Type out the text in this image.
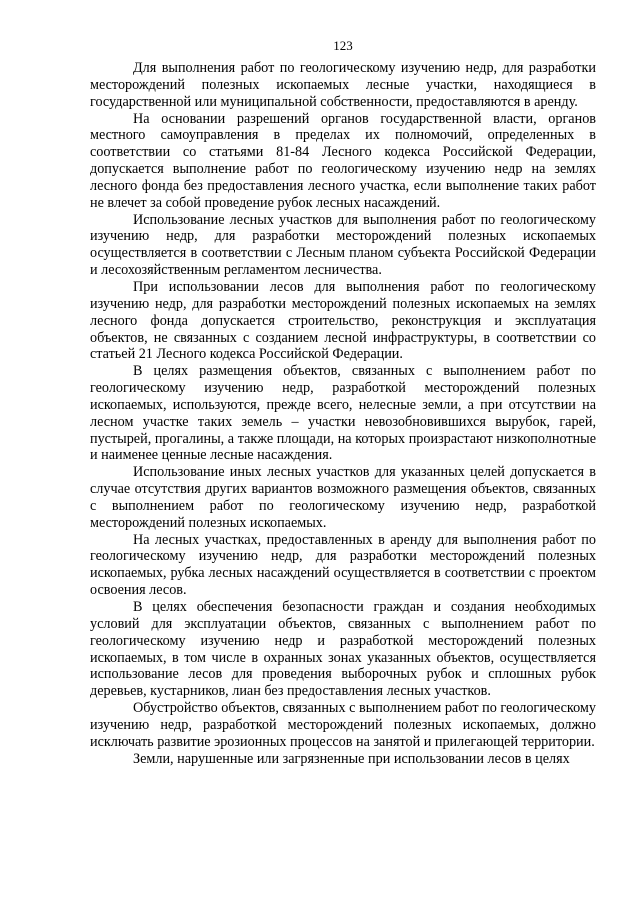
123

Для выполнения работ по геологическому изучению недр, для разработки месторождений полезных ископаемых лесные участки, находящиеся в государственной или муниципальной собственности, предоставляются в аренду.

На основании разрешений органов государственной власти, органов местного самоуправления в пределах их полномочий, определенных в соответствии со статьями 81-84 Лесного кодекса Российской Федерации, допускается выполнение работ по геологическому изучению недр на землях лесного фонда без предоставления лесного участка, если выполнение таких работ не влечет за собой проведение рубок лесных насаждений.

Использование лесных участков для выполнения работ по геологическому изучению недр, для разработки месторождений полезных ископаемых осуществляется в соответствии с Лесным планом субъекта Российской Федерации и лесохозяйственным регламентом лесничества.

При использовании лесов для выполнения работ по геологическому изучению недр, для разработки месторождений полезных ископаемых на землях лесного фонда допускается строительство, реконструкция и эксплуатация объектов, не связанных с созданием лесной инфраструктуры, в соответствии со статьей 21 Лесного кодекса Российской Федерации.

В целях размещения объектов, связанных с выполнением работ по геологическому изучению недр, разработкой месторождений полезных ископаемых, используются, прежде всего, нелесные земли, а при отсутствии на лесном участке таких земель – участки невозобновившихся вырубок, гарей, пустырей, прогалины, а также площади, на которых произрастают низкополнотные и наименее ценные лесные насаждения.

Использование иных лесных участков для указанных целей допускается в случае отсутствия других вариантов возможного размещения объектов, связанных с выполнением работ по геологическому изучению недр, разработкой месторождений полезных ископаемых.

На лесных участках, предоставленных в аренду для выполнения работ по геологическому изучению недр, для разработки месторождений полезных ископаемых, рубка лесных насаждений осуществляется в соответствии с проектом освоения лесов.

В целях обеспечения безопасности граждан и создания необходимых условий для эксплуатации объектов, связанных с выполнением работ по геологическому изучению недр и разработкой месторождений полезных ископаемых, в том числе в охранных зонах указанных объектов, осуществляется использование лесов для проведения выборочных рубок и сплошных рубок деревьев, кустарников, лиан без предоставления лесных участков.

Обустройство объектов, связанных с выполнением работ по геологическому изучению недр, разработкой месторождений полезных ископаемых, должно исключать развитие эрозионных процессов на занятой и прилегающей территории.

Земли, нарушенные или загрязненные при использовании лесов в целях
